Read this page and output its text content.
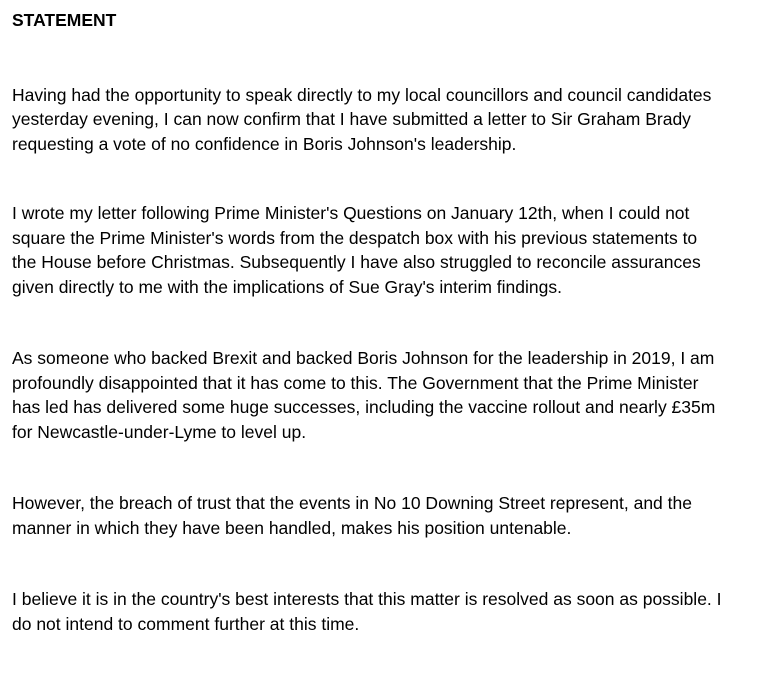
STATEMENT

Having had the opportunity to speak directly to my local councillors and council candidates
yesterday evening, I can now confirm that I have submitted a letter to Sir Graham Brady
requesting a vote of no confidence in Boris Johnson's leadership.

I wrote my letter following Prime Minister's Questions on January 12th, when I could not
square the Prime Minister's words from the despatch box with his previous statements to
the House before Christmas. Subsequently I have also struggled to reconcile assurances
given directly to me with the implications of Sue Gray's interim findings.

As someone who backed Brexit and backed Boris Johnson for the leadership in 2019, I am
profoundly disappointed that it has come to this. The Government that the Prime Minister
has led has delivered some huge successes, including the vaccine rollout and nearly £35m
for Newcastle-under-Lyme to level up.

However, the breach of trust that the events in No 10 Downing Street represent, and the
manner in which they have been handled, makes his position untenable.

I believe it is in the country's best interests that this matter is resolved as soon as possible. I
do not intend to comment further at this time.
